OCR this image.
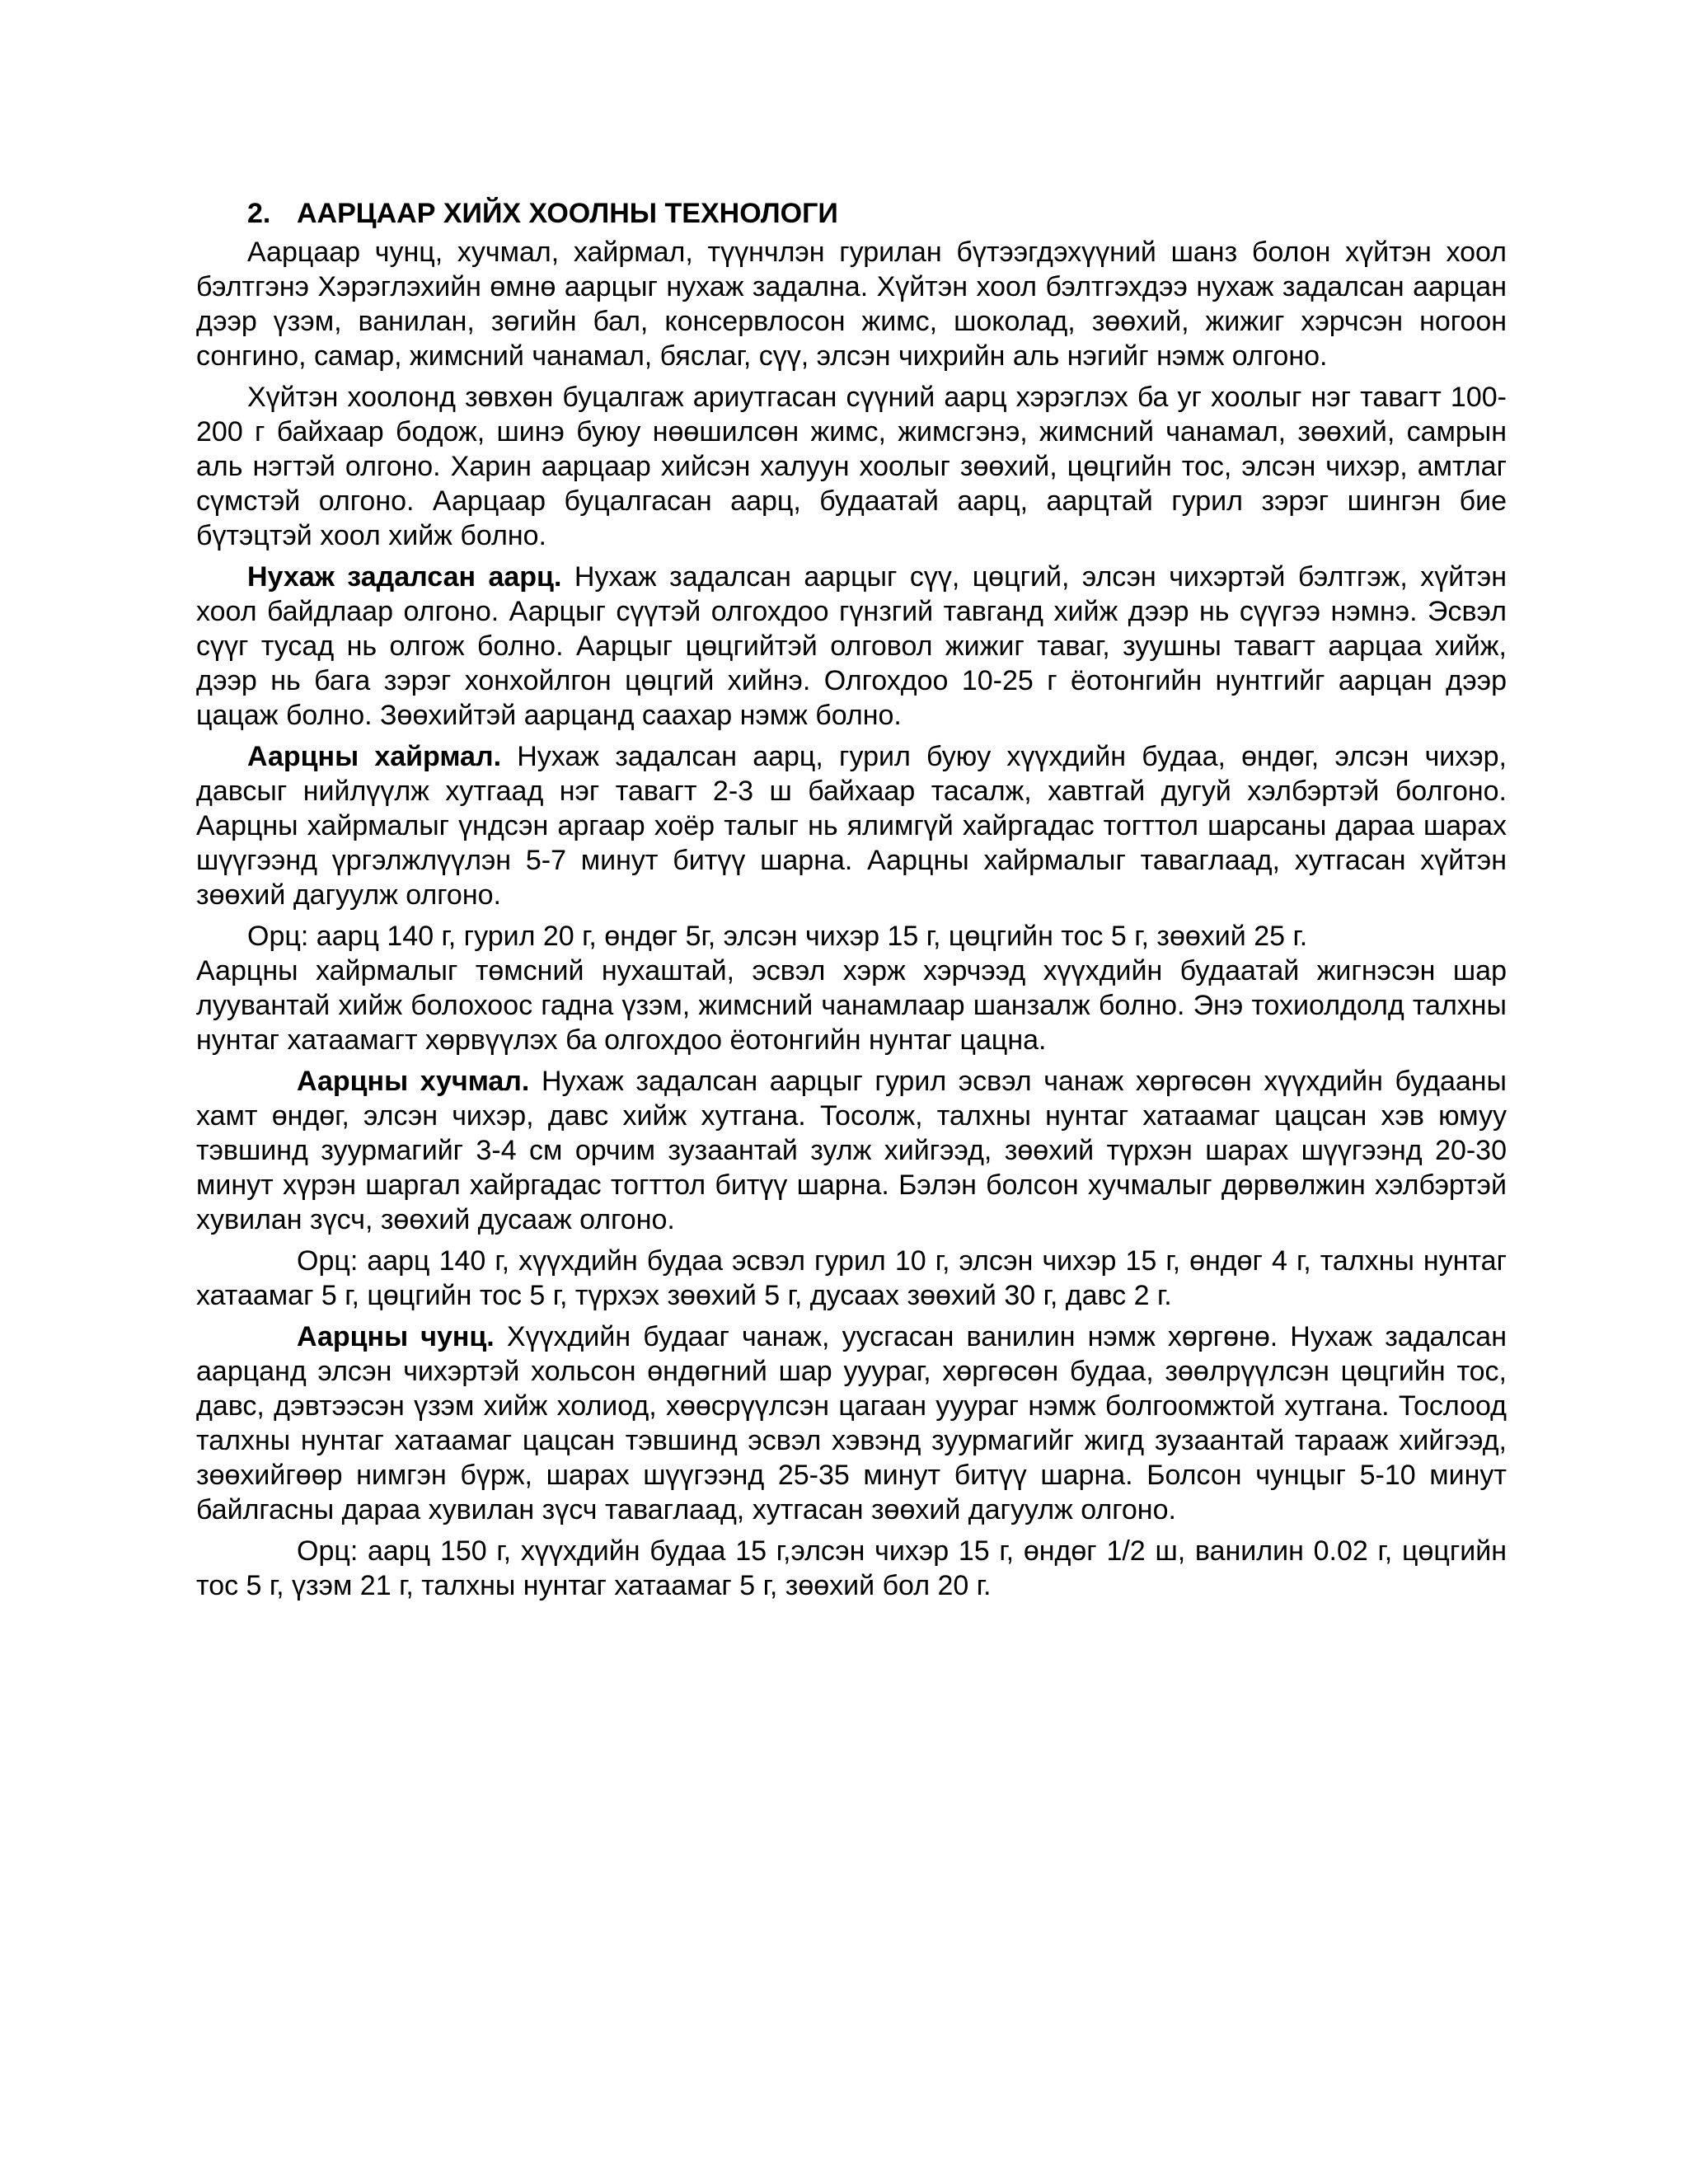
2. ААРЦААР ХИЙХ ХООЛНЫ ТЕХНОЛОГИ

Аарцаар чунц, хучмал, хайрмал, түүнчлэн гурилан бүтээгдэхүүний шанз болон хүйтэн хоол бэлтгэнэ Хэрэглэхийн өмнө аарцыг нухаж задална. Хүйтэн хоол бэлтгэхдээ нухаж задалсан аарцан дээр үзэм, ванилан, зөгийн бал, консервлосон жимс, шоколад, зөөхий, жижиг хэрчсэн ногоон сонгино, самар, жимсний чанамал, бяслаг, сүү, элсэн чихрийн аль нэгийг нэмж олгоно.

Хүйтэн хоолонд зөвхөн буцалгаж ариутгасан сүүний аарц хэрэглэх ба уг хоолыг нэг тавагт 100-200 г байхаар бодож, шинэ буюу нөөшилсөн жимс, жимсгэнэ, жимсний чанамал, зөөхий, самрын аль нэгтэй олгоно. Харин аарцаар хийсэн халуун хоолыг зөөхий, цөцгийн тос, элсэн чихэр, амтлаг сүмстэй олгоно. Аарцаар буцалгасан аарц, будаатай аарц, аарцтай гурил зэрэг шингэн бие бүтэцтэй хоол хийж болно.

Нухаж задалсан аарц. Нухаж задалсан аарцыг сүү, цөцгий, элсэн чихэртэй бэлтгэж, хүйтэн хоол байдлаар олгоно. Аарцыг сүүтэй олгохдоо гүнзгий тавганд хийж дээр нь сүүгээ нэмнэ. Эсвэл сүүг тусад нь олгож болно. Аарцыг цөцгийтэй олговол жижиг таваг, зуушны тавагт аарцаа хийж, дээр нь бага зэрэг хонхойлгон цөцгий хийнэ. Олгохдоо 10-25 г ёотонгийн нунтгийг аарцан дээр цацаж болно. Зөөхийтэй аарцанд саахар нэмж болно.

Аарцны хайрмал. Нухаж задалсан аарц, гурил буюу хүүхдийн будаа, өндөг, элсэн чихэр, давсыг нийлүүлж хутгаад нэг тавагт 2-3 ш байхаар тасалж, хавтгай дугуй хэлбэртэй болгоно. Аарцны хайрмалыг үндсэн аргаар хоёр талыг нь ялимгүй хайргадас тогттол шарсаны дараа шарах шүүгээнд үргэлжлүүлэн 5-7 минут битүү шарна. Аарцны хайрмалыг таваглаад, хутгасан хүйтэн зөөхий дагуулж олгоно.

Орц: аарц 140 г, гурил 20 г, өндөг 5г, элсэн чихэр 15 г, цөцгийн тос 5 г, зөөхий 25 г.

Аарцны хайрмалыг төмсний нухаштай, эсвэл хэрж хэрчээд хүүхдийн будаатай жигнэсэн шар луувантай хийж болохоос гадна үзэм, жимсний чанамлаар шанзалж болно. Энэ тохиолдолд талхны нунтаг хатаамагт хөрвүүлэх ба олгохдоо ёотонгийн нунтаг цацна.

Аарцны хучмал. Нухаж задалсан аарцыг гурил эсвэл чанаж хөргөсөн хүүхдийн будааны хамт өндөг, элсэн чихэр, давс хийж хутгана. Тосолж, талхны нунтаг хатаамаг цацсан хэв юмуу тэвшинд зуурмагийг 3-4 см орчим зузаантай зулж хийгээд, зөөхий түрхэн шарах шүүгээнд 20-30 минут хүрэн шаргал хайргадас тогттол битүү шарна. Бэлэн болсон хучмалыг дөрвөлжин хэлбэртэй хувилан зүсч, зөөхий дусааж олгоно.

Орц: аарц 140 г, хүүхдийн будаа эсвэл гурил 10 г, элсэн чихэр 15 г, өндөг 4 г, талхны нунтаг хатаамаг 5 г, цөцгийн тос 5 г, түрхэх зөөхий 5 г, дусаах зөөхий 30 г, давс 2 г.

Аарцны чунц. Хүүхдийн будааг чанаж, уусгасан ванилин нэмж хөргөнө. Нухаж задалсан аарцанд элсэн чихэртэй хольсон өндөгний шар ууураг, хөргөсөн будаа, зөөлрүүлсэн цөцгийн тос, давс, дэвтээсэн үзэм хийж холиод, хөөсрүүлсэн цагаан ууураг нэмж болгоомжтой хутгана. Тослоод талхны нунтаг хатаамаг цацсан тэвшинд эсвэл хэвэнд зуурмагийг жигд зузаантай тарааж хийгээд, зөөхийгөөр нимгэн бүрж, шарах шүүгээнд 25-35 минут битүү шарна. Болсон чунцыг 5-10 минут байлгасны дараа хувилан зүсч таваглаад, хутгасан зөөхий дагуулж олгоно.

Орц: аарц 150 г, хүүхдийн будаа 15 г,элсэн чихэр 15 г, өндөг 1/2 ш, ванилин 0.02 г, цөцгийн тос 5 г, үзэм 21 г, талхны нунтаг хатаамаг 5 г, зөөхий бол 20 г.
